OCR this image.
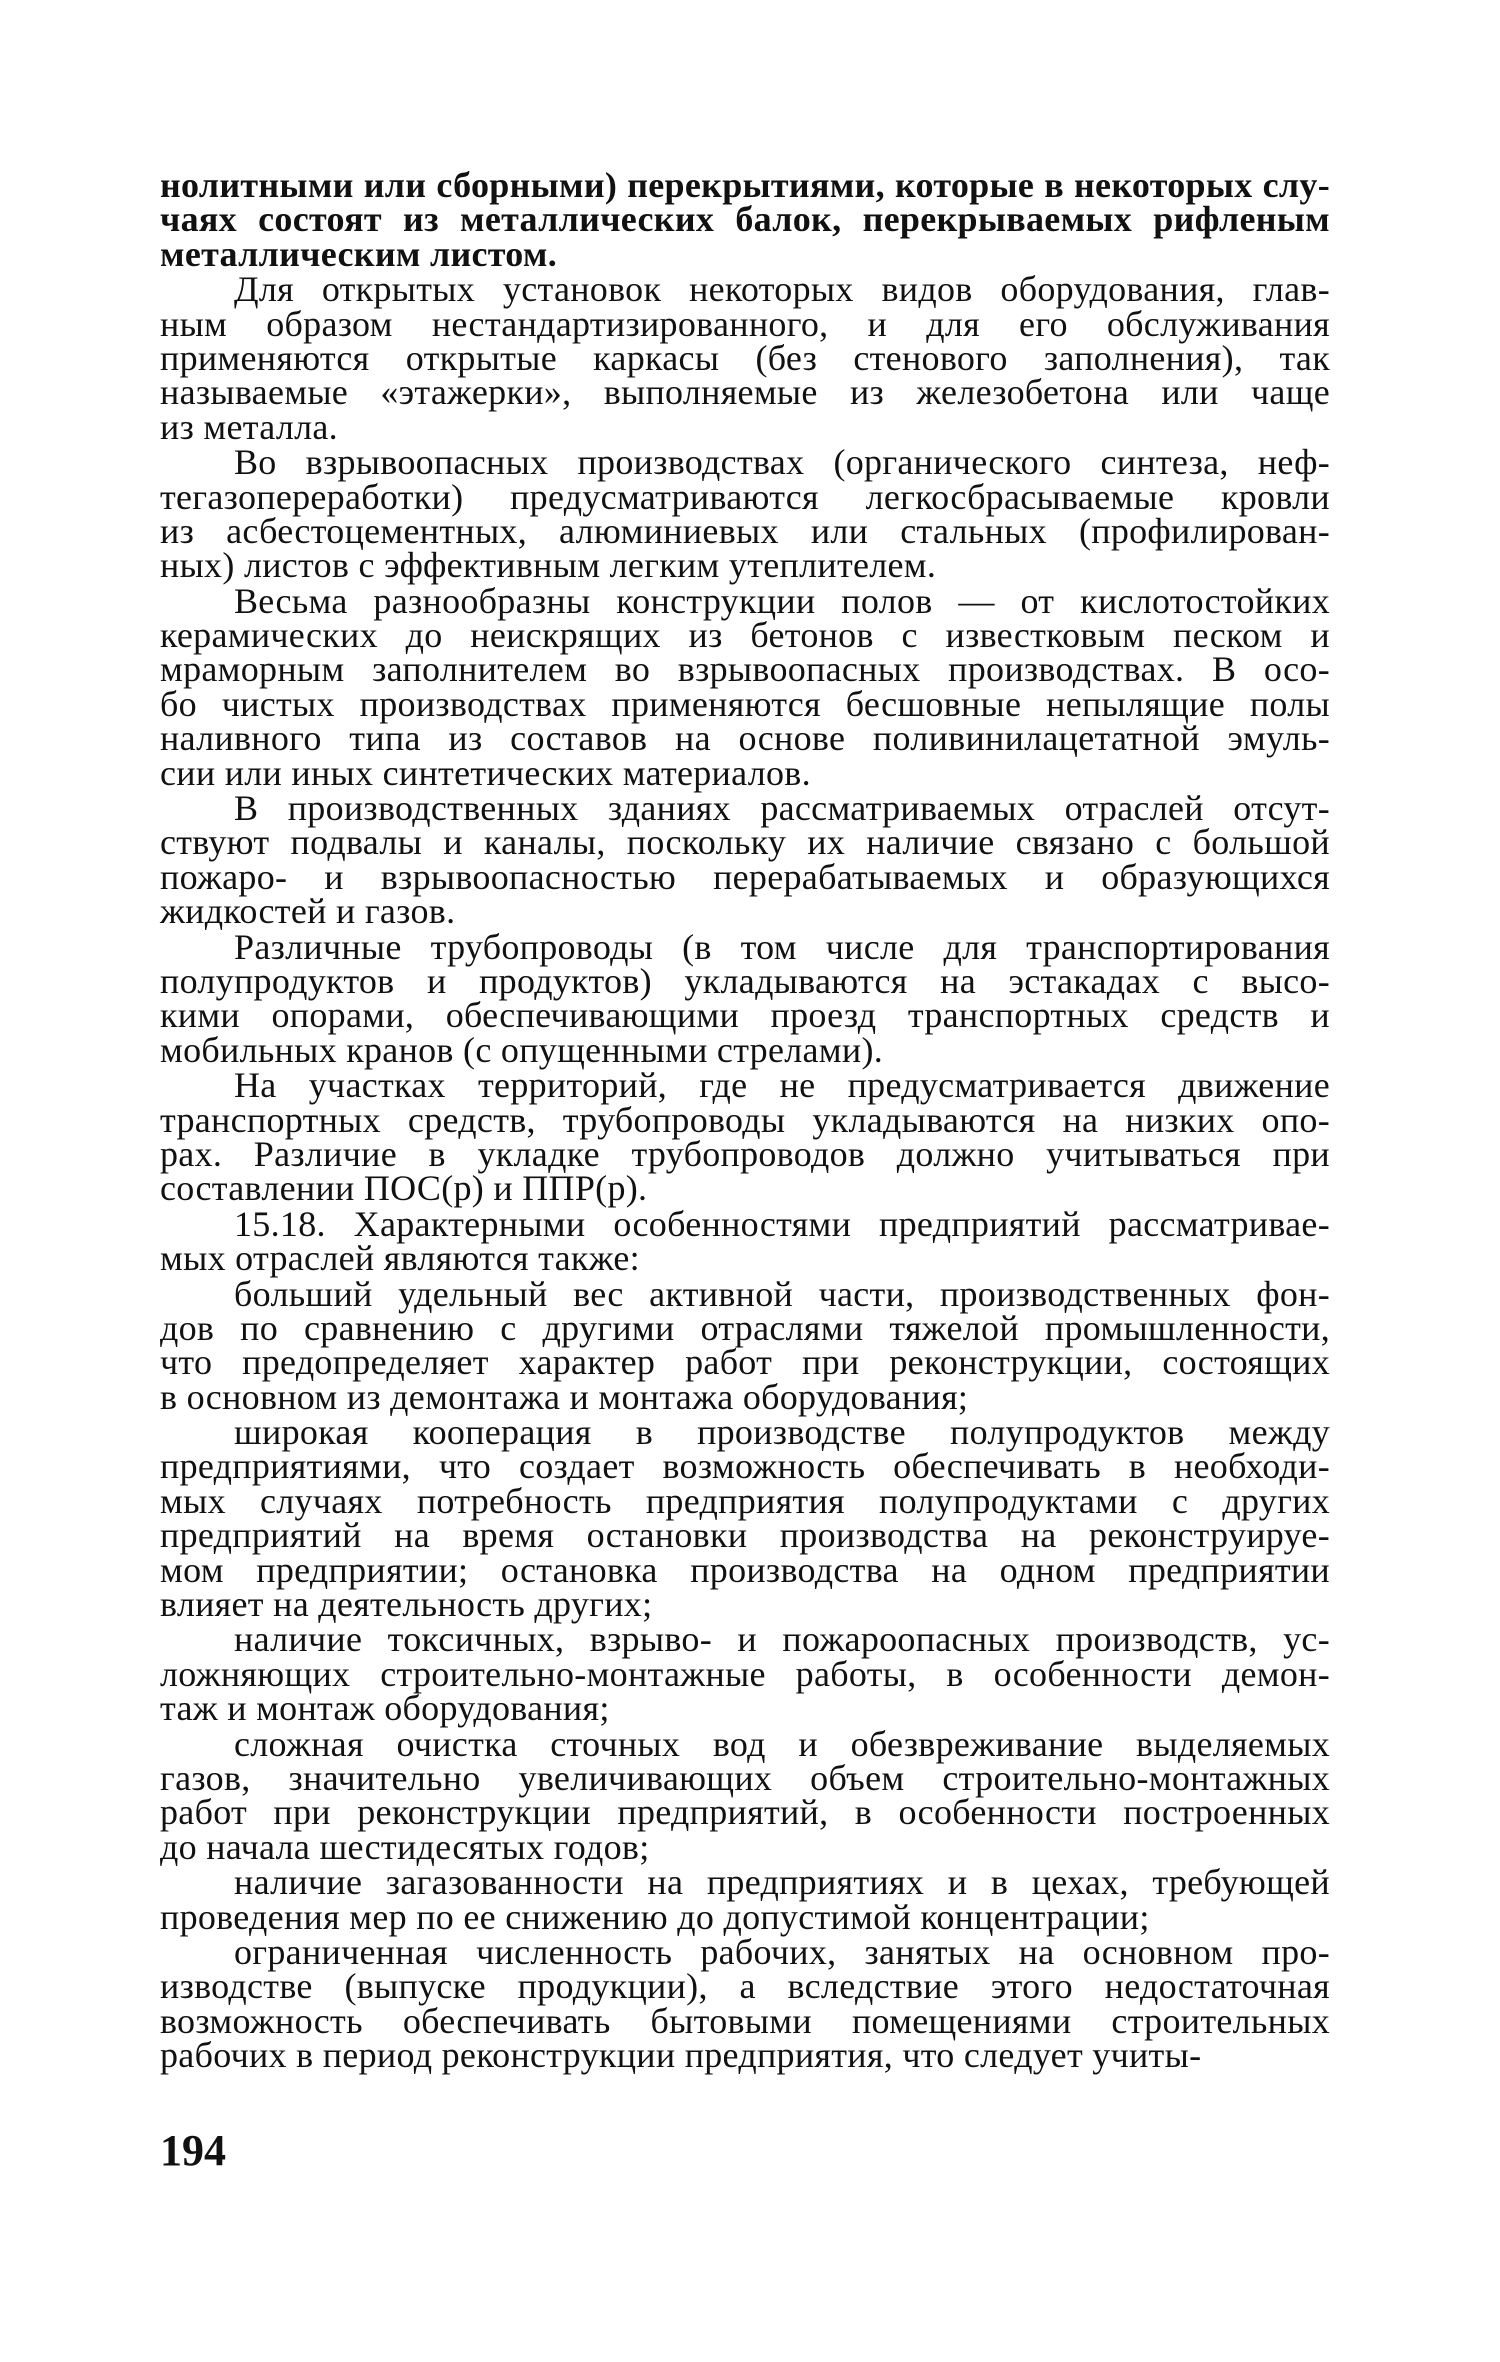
нолитными или сборными) перекрытиями, которые в некоторых слу-
чаях состоят из металлических балок, перекрываемых рифленым
металлическим листом.
Для открытых установок некоторых видов оборудования, глав-
ным образом нестандартизированного, и для его обслуживания
применяются открытые каркасы (без стенового заполнения), так
называемые «этажерки», выполняемые из железобетона или чаще
из металла.
Во взрывоопасных производствах (органического синтеза, неф-
тегазопереработки) предусматриваются легкосбрасываемые кровли
из асбестоцементных, алюминиевых или стальных (профилирован-
ных) листов с эффективным легким утеплителем.
Весьма разнообразны конструкции полов — от кислотостойких
керамических до неискрящих из бетонов с известковым песком и
мраморным заполнителем во взрывоопасных производствах. В осо-
бо чистых производствах применяются бесшовные непылящие полы
наливного типа из составов на основе поливинилацетатной эмуль-
сии или иных синтетических материалов.
В производственных зданиях рассматриваемых отраслей отсут-
ствуют подвалы и каналы, поскольку их наличие связано с большой
пожаро- и взрывоопасностью перерабатываемых и образующихся
жидкостей и газов.
Различные трубопроводы (в том числе для транспортирования
полупродуктов и продуктов) укладываются на эстакадах с высо-
кими опорами, обеспечивающими проезд транспортных средств и
мобильных кранов (с опущенными стрелами).
На участках территорий, где не предусматривается движение
транспортных средств, трубопроводы укладываются на низких опо-
рах. Различие в укладке трубопроводов должно учитываться при
составлении ПОС(р) и ППР(р).
15.18. Характерными особенностями предприятий рассматривае-
мых отраслей являются также:
больший удельный вес активной части, производственных фон-
дов по сравнению с другими отраслями тяжелой промышленности,
что предопределяет характер работ при реконструкции, состоящих
в основном из демонтажа и монтажа оборудования;
широкая кооперация в производстве полупродуктов между
предприятиями, что создает возможность обеспечивать в необходи-
мых случаях потребность предприятия полупродуктами с других
предприятий на время остановки производства на реконструируе-
мом предприятии; остановка производства на одном предприятии
влияет на деятельность других;
наличие токсичных, взрыво- и пожароопасных производств, ус-
ложняющих строительно-монтажные работы, в особенности демон-
таж и монтаж оборудования;
сложная очистка сточных вод и обезвреживание выделяемых
газов, значительно увеличивающих объем строительно-монтажных
работ при реконструкции предприятий, в особенности построенных
до начала шестидесятых годов;
наличие загазованности на предприятиях и в цехах, требующей
проведения мер по ее снижению до допустимой концентрации;
ограниченная численность рабочих, занятых на основном про-
изводстве (выпуске продукции), а вследствие этого недостаточная
возможность обеспечивать бытовыми помещениями строительных
рабочих в период реконструкции предприятия, что следует учиты-
194
